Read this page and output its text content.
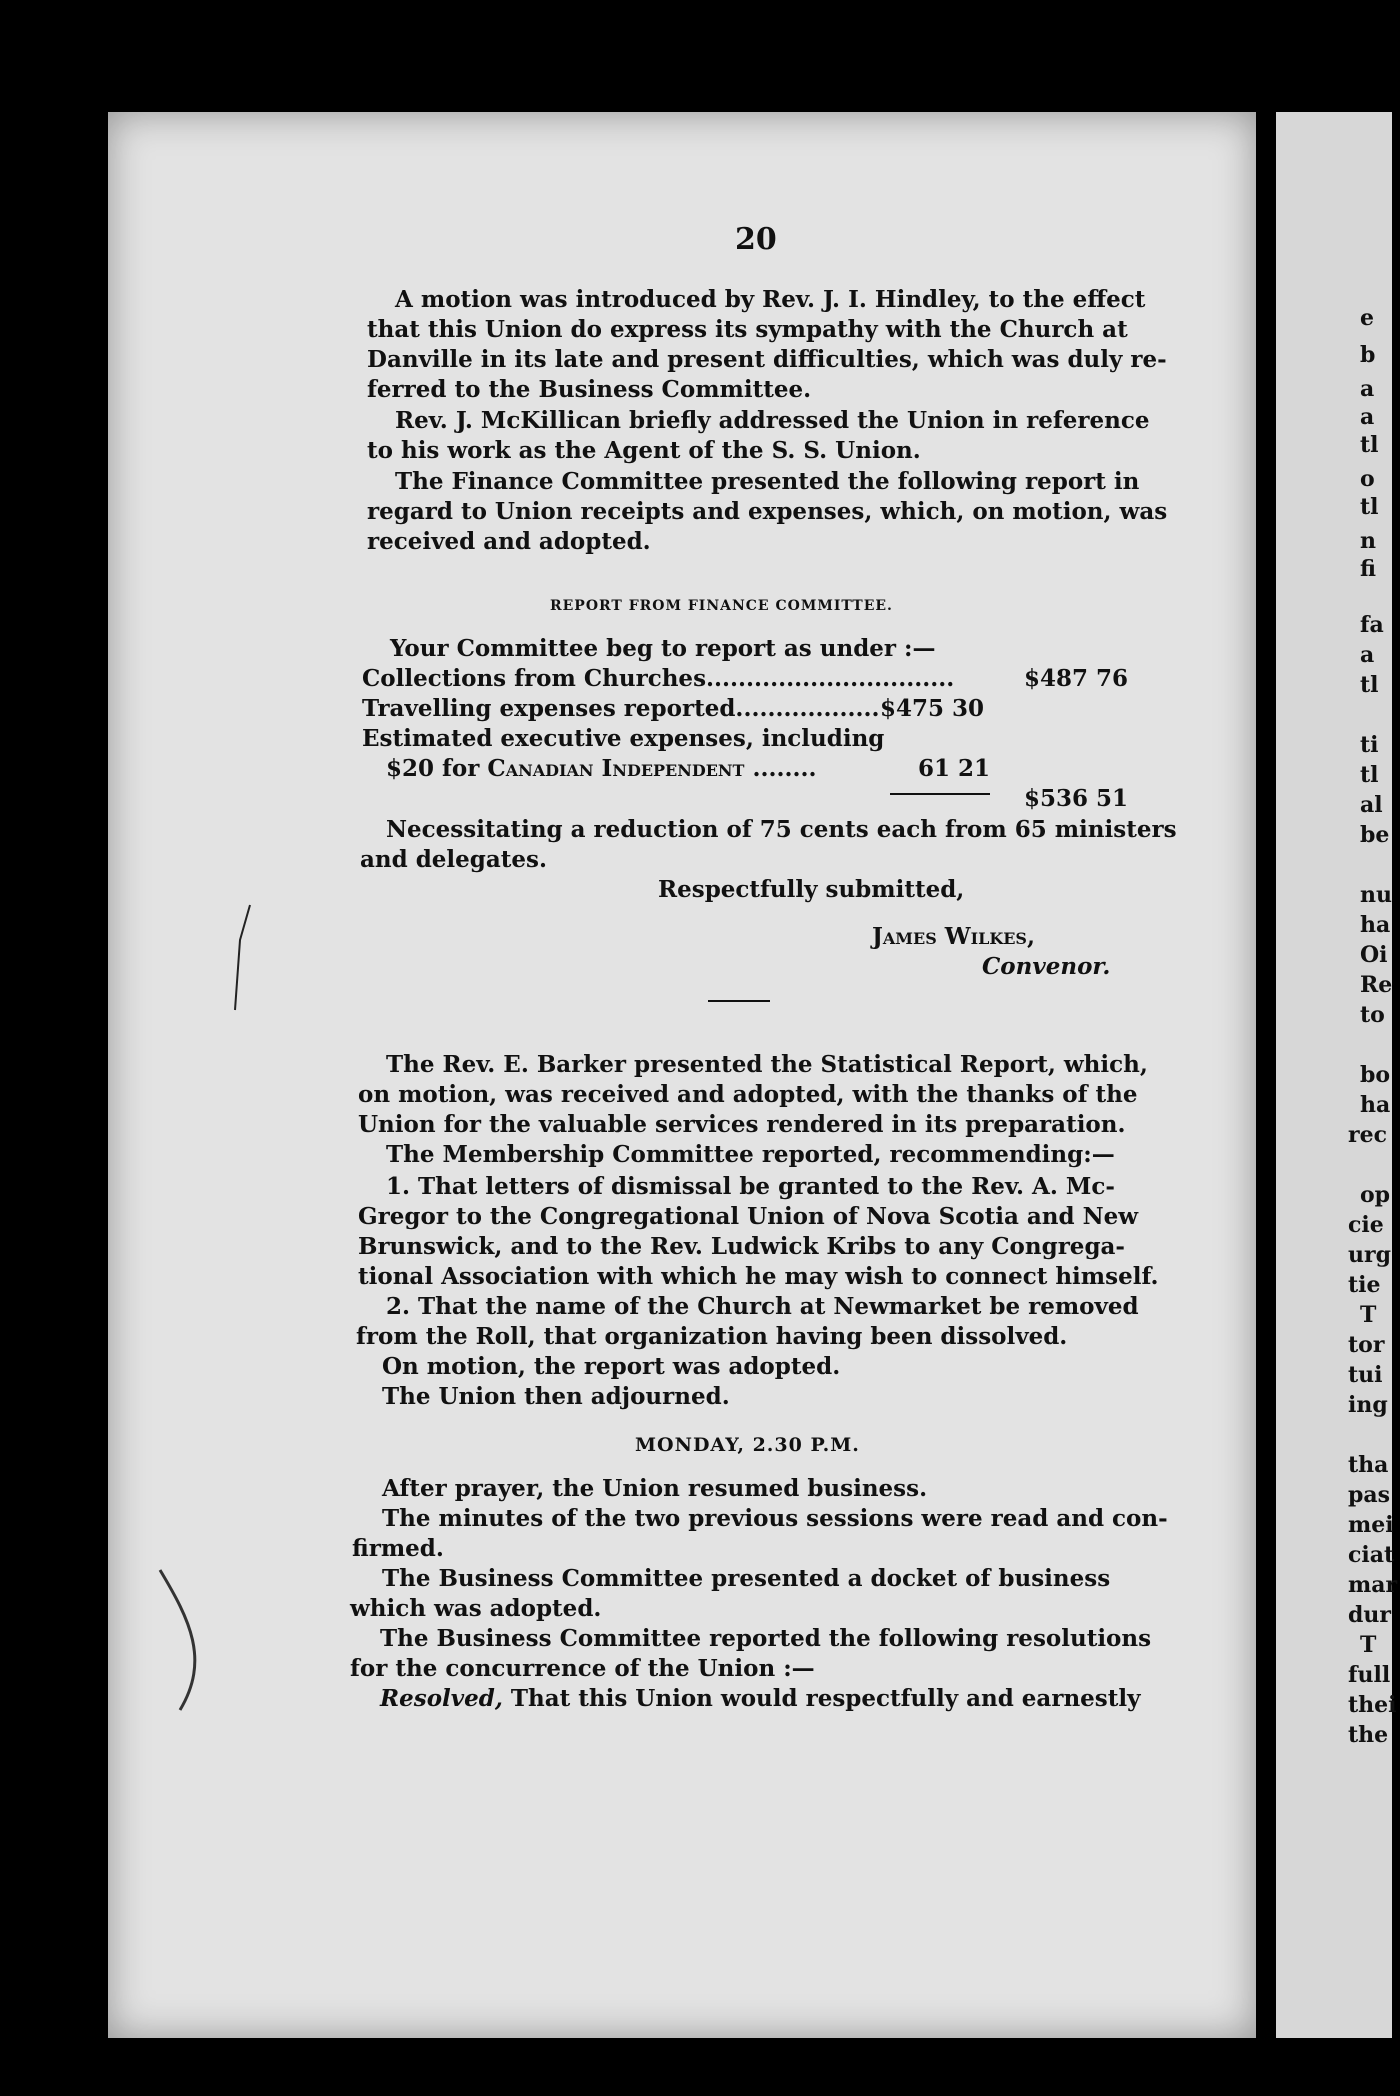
20
A motion was introduced by Rev. J. I. Hindley, to the effect
that this Union do express its sympathy with the Church at
Danville in its late and present difficulties, which was duly re-
ferred to the Business Committee.
Rev. J. McKillican briefly addressed the Union in reference
to his work as the Agent of the S. S. Union.
The Finance Committee presented the following report in
regard to Union receipts and expenses, which, on motion, was
received and adopted.
REPORT FROM FINANCE COMMITTEE.
Your Committee beg to report as under :—
Collections from Churches...............................	$487 76
Travelling expenses reported.................. $475 30
Estimated executive expenses, including
$20 for Canadian Independent ........	61 21
$536 51
Necessitating a reduction of 75 cents each from 65 ministers
and delegates.
Respectfully submitted,
James Wilkes,
Convenor.
The Rev. E. Barker presented the Statistical Report, which,
on motion, was received and adopted, with the thanks of the
Union for the valuable services rendered in its preparation.
The Membership Committee reported, recommending:—
1. That letters of dismissal be granted to the Rev. A. Mc-
Gregor to the Congregational Union of Nova Scotia and New
Brunswick, and to the Rev. Ludwick Kribs to any Congrega-
tional Association with which he may wish to connect himself.
2. That the name of the Church at Newmarket be removed
from the Roll, that organization having been dissolved.
On motion, the report was adopted.
The Union then adjourned.
MONDAY, 2.30 P.M.
After prayer, the Union resumed business.
The minutes of the two previous sessions were read and con-
firmed.
The Business Committee presented a docket of business
which was adopted.
The Business Committee reported the following resolutions
for the concurrence of the Union :—
Resolved, That this Union would respectfully and earnestly
e
b
a
a
tl
o
tl
n
fi
fa
a
tl
ti
tl
al
be
nu
ha
Oi
Re
to
bo
ha
rec
op
cie
urg
tie
T
tor
tui
ing
tha
pas
mei
ciat
mar
dur
T
full
thei
the
